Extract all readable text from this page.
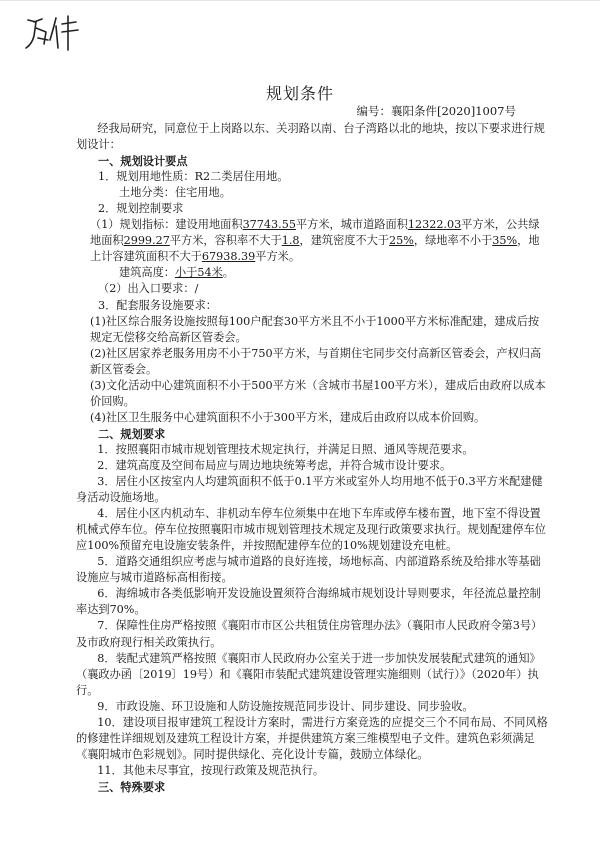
规划条件
编号：襄阳条件[2020]1007号

经我局研究，同意位于上岗路以东、关羽路以南、台子湾路以北的地块，按以下要求进行规划设计：

一、规划设计要点

1．规划用地性质：R2二类居住用地。

土地分类：住宅用地。

2．规划控制要求

（1）规划指标：建设用地面积37743.55平方米，城市道路面积12322.03平方米，公共绿地面积2999.27平方米，容积率不大于1.8，建筑密度不大于25%，绿地率不小于35%，地上计容建筑面积不大于67938.39平方米。

建筑高度：小于54米。

（2）出入口要求：/

3．配套服务设施要求：

(1)社区综合服务设施按照每100户配套30平方米且不小于1000平方米标准配建，建成后按规定无偿移交给高新区管委会。

(2)社区居家养老服务用房不小于750平方米，与首期住宅同步交付高新区管委会，产权归高新区管委会。

(3)文化活动中心建筑面积不小于500平方米（含城市书屋100平方米），建成后由政府以成本价回购。

(4)社区卫生服务中心建筑面积不小于300平方米，建成后由政府以成本价回购。

二、规划要求

1．按照襄阳市城市规划管理技术规定执行，并满足日照、通风等规范要求。

2．建筑高度及空间布局应与周边地块统筹考虑，并符合城市设计要求。

3．居住小区按室内人均建筑面积不低于0.1平方米或室外人均用地不低于0.3平方米配建健身活动设施场地。

4．居住小区内机动车、非机动车停车位须集中在地下车库或停车楼布置，地下室不得设置机械式停车位。停车位按照襄阳市城市规划管理技术规定及现行政策要求执行。规划配建停车位应100%预留充电设施安装条件，并按照配建停车位的10%规划建设充电桩。

5．道路交通组织应考虑与城市道路的良好连接，场地标高、内部道路系统及给排水等基础设施应与城市道路标高相衔接。

6．海绵城市各类低影响开发设施设置须符合海绵城市规划设计导则要求，年径流总量控制率达到70%。

7．保障性住房严格按照《襄阳市市区公共租赁住房管理办法》（襄阳市人民政府令第3号）及市政府现行相关政策执行。

8．装配式建筑严格按照《襄阳市人民政府办公室关于进一步加快发展装配式建筑的通知》（襄政办函〔2019〕19号）和《襄阳市装配式建筑建设管理实施细则（试行）》（2020年）执行。

9．市政设施、环卫设施和人防设施按规范同步设计、同步建设、同步验收。

10．建设项目报审建筑工程设计方案时，需进行方案竞选的应提交三个不同布局、不同风格的修建性详细规划及建筑工程设计方案，并提供建筑方案三维模型电子文件。建筑色彩须满足《襄阳城市色彩规划》。同时提供绿化、亮化设计专篇，鼓励立体绿化。

11．其他未尽事宜，按现行政策及规范执行。

三、特殊要求
